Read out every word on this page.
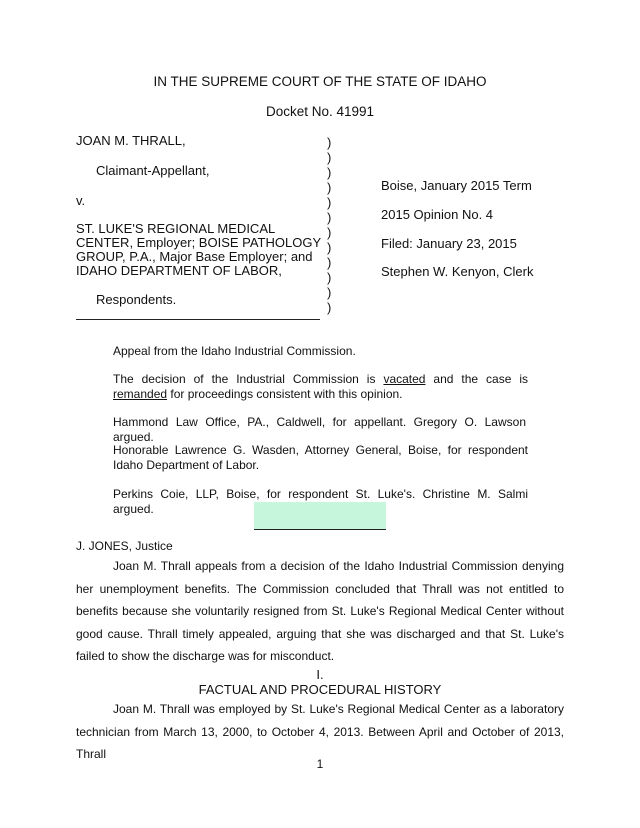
IN THE SUPREME COURT OF THE STATE OF IDAHO
Docket No. 41991
JOAN M. THRALL,
Claimant-Appellant,
v.
ST. LUKE'S REGIONAL MEDICAL
CENTER, Employer; BOISE PATHOLOGY
GROUP, P.A., Major Base Employer; and
IDAHO DEPARTMENT OF LABOR,
Respondents.
)
)
)
)
)
)
)
)
)
)
)
)
Boise, January 2015 Term
2015 Opinion No. 4
Filed: January 23, 2015
Stephen W. Kenyon, Clerk
Appeal from the Idaho Industrial Commission.
The decision of the Industrial Commission is vacated and the case is remanded for proceedings consistent with this opinion.
Hammond Law Office, PA., Caldwell, for appellant. Gregory O. Lawson argued.
Honorable Lawrence G. Wasden, Attorney General, Boise, for respondent Idaho Department of Labor.
Perkins Coie, LLP, Boise, for respondent St. Luke's. Christine M. Salmi argued.
J. JONES, Justice
Joan M. Thrall appeals from a decision of the Idaho Industrial Commission denying her unemployment benefits. The Commission concluded that Thrall was not entitled to benefits because she voluntarily resigned from St. Luke's Regional Medical Center without good cause. Thrall timely appealed, arguing that she was discharged and that St. Luke's failed to show the discharge was for misconduct.
I.
FACTUAL AND PROCEDURAL HISTORY
Joan M. Thrall was employed by St. Luke's Regional Medical Center as a laboratory technician from March 13, 2000, to October 4, 2013. Between April and October of 2013, Thrall
1
